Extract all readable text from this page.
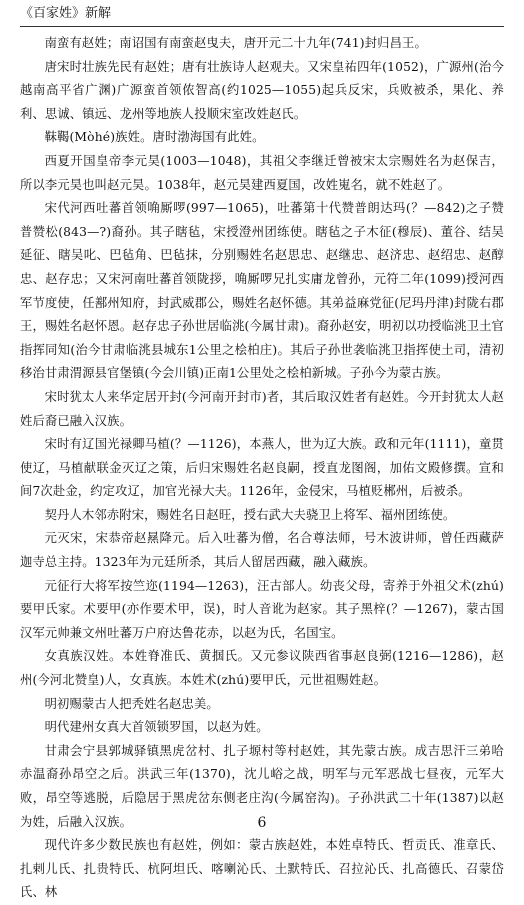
《百家姓》新解

南蛮有赵姓；南诏国有南蛮赵曳夫，唐开元二十九年(741)封归昌王。

唐宋时壮族先民有赵姓；唐有壮族诗人赵观夫。又宋皇祐四年(1052)，广源州(治今越南高平省广渊)广源蛮首领侬智高(约1025—1055)起兵反宋，兵败被杀，果化、养利、思诚、镇远、龙州等地族人投顺宋室改姓赵氏。

靺鞨(Mòhé)族姓。唐时渤海国有此姓。

西夏开国皇帝李元昊(1003—1048)，其祖父李继迁曾被宋太宗赐姓名为赵保吉，所以李元昊也叫赵元昊。1038年，赵元昊建西夏国，改姓嵬名，就不姓赵了。

宋代河西吐蕃首领唃厮啰(997—1065)，吐蕃第十代赞普朗达玛(？—842)之子赞普赞松(843—?)裔孙。其子瞎毡，宋授澄州团练使。瞎毡之子木征(穆辰)、董谷、结吴延征、瞎吴叱、巴毡角、巴毡抹，分别赐姓名赵思忠、赵继忠、赵济忠、赵绍忠、赵醇忠、赵存忠；又宋河南吐蕃首领陇拶，唃厮啰兄扎实庸龙曾孙，元符二年(1099)授河西军节度使，任鄯州知府，封武威郡公，赐姓名赵怀德。其弟益麻党征(尼玛丹津)封陇右郡王，赐姓名赵怀恩。赵存忠子孙世居临洮(今属甘肃)。裔孙赵安，明初以功授临洮卫土官指挥同知(治今甘肃临洮县城东1公里之桧柏庄)。其后子孙世袭临洮卫指挥使土司，清初移治甘肃渭源县官堡镇(今会川镇)正南1公里处之桧柏新城。子孙今为蒙古族。

宋时犹太人来华定居开封(今河南开封市)者，其后取汉姓者有赵姓。今开封犹太人赵姓后裔已融入汉族。

宋时有辽国光禄卿马植(？—1126)，本燕人，世为辽大族。政和元年(1111)，童贯使辽，马植献联金灭辽之策，后归宋赐姓名赵良嗣，授直龙图阁，加佑文殿修撰。宣和间7次赴金，约定攻辽，加官光禄大夫。1126年，金侵宋，马植贬郴州，后被杀。

契丹人木邻赤附宋，赐姓名日赵旺，授右武大夫骁卫上将军、福州团练使。

元灭宋，宋恭帝赵㬎降元。后入吐蕃为僧，名合尊法师，号木波讲师，曾任西藏萨迦寺总主持。1323年为元廷所杀，其后人留居西藏，融入藏族。

元征行大将军按竺迩(1194—1263)，汪古部人。幼丧父母，寄养于外祖父术(zhú)要甲氏家。术要甲(亦作要术甲，误)，时人音讹为赵家。其子黑梓(？—1267)，蒙古国汉军元帅兼文州吐蕃万户府达鲁花赤，以赵为氏，名国宝。

女真族汉姓。本姓脊准氏、黄掴氏。又元参议陕西省事赵良弼(1216—1286)，赵州(今河北赞皇)人，女真族。本姓术(zhú)要甲氏，元世祖赐姓赵。

明初赐蒙古人把秃姓名赵忠美。

明代建州女真大首领锁罗国，以赵为姓。

甘肃会宁县郭城驿镇黑虎岔村、扎子塬村等村赵姓，其先蒙古族。成吉思汗三弟哈赤温裔孙昂空之后。洪武三年(1370)，沈儿峪之战，明军与元军恶战七昼夜，元军大败，昂空等逃脱，后隐居于黑虎岔东侧老庄沟(今属窑沟)。子孙洪武二十年(1387)以赵为姓，后融入汉族。

现代许多少数民族也有赵姓，例如：蒙古族赵姓，本姓卓特氏、哲贡氏、准章氏、扎剌儿氏、扎贵特氏、杭阿坦氏、喀喇沁氏、土默特氏、召拉沁氏、扎高德氏、召蒙岱氏、林

6
